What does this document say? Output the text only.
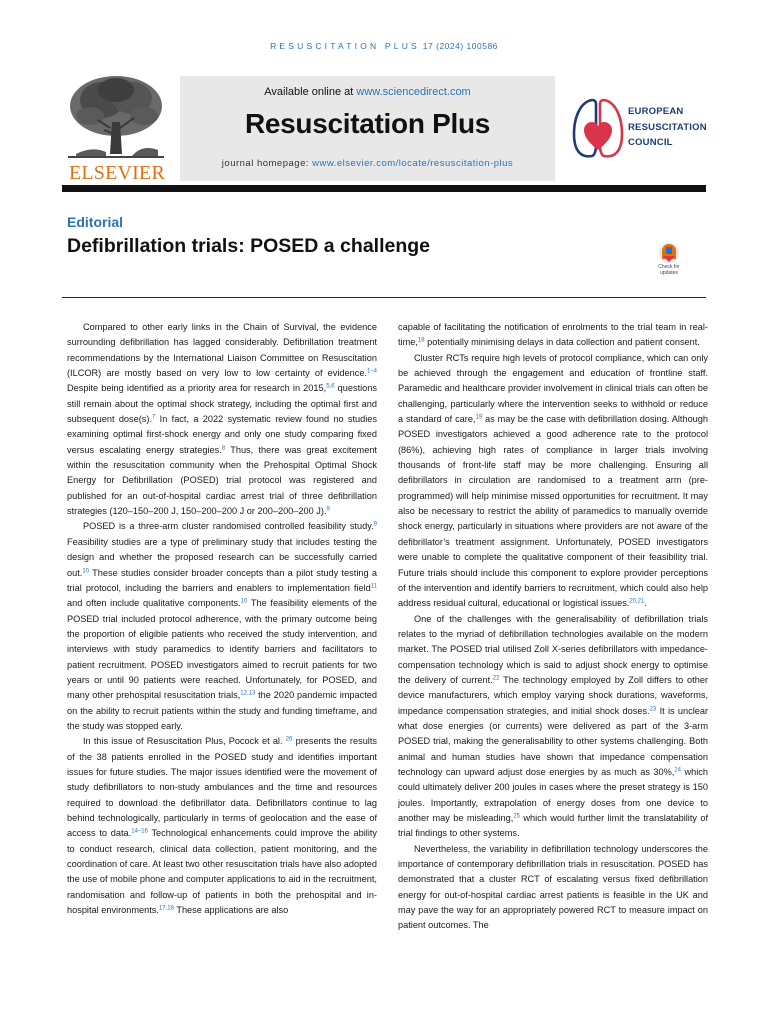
RESUSCITATION PLUS 17 (2024) 100586
ELSEVIER
Available online at www.sciencedirect.com
Resuscitation Plus
journal homepage: www.elsevier.com/locate/resuscitation-plus
EUROPEAN
RESUSCITATION
COUNCIL
Editorial
Defibrillation trials: POSED a challenge
Check for
updates

Compared to other early links in the Chain of Survival, the evidence surrounding defibrillation has lagged considerably. Defibrillation treatment recommendations by the International Liaison Committee on Resuscitation (ILCOR) are mostly based on very low to low certainty of evidence.$^{1-4}$ Despite being identified as a priority area for research in 2015,$^{5,6}$ questions still remain about the optimal shock strategy, including the optimal first and subsequent dose(s).$^7$ In fact, a 2022 systematic review found no studies examining optimal first-shock energy and only one study comparing fixed versus escalating energy strategies.$^8$ Thus, there was great excitement within the resuscitation community when the Prehospital Optimal Shock Energy for Defibrillation (POSED) trial protocol was registered and published for an out-of-hospital cardiac arrest trial of three defibrillation strategies (120–150–200 J, 150–200–200 J or 200–200–200 J).$^9$

POSED is a three-arm cluster randomised controlled feasibility study.$^9$ Feasibility studies are a type of preliminary study that includes testing the design and whether the proposed research can be successfully carried out.$^{10}$ These studies consider broader concepts than a pilot study testing a trial protocol, including the barriers and enablers to implementation field$^{11}$ and often include qualitative components.$^{10}$ The feasibility elements of the POSED trial included protocol adherence, with the primary outcome being the proportion of eligible patients who received the study intervention, and interviews with study paramedics to identify barriers and facilitators to patient recruitment. POSED investigators aimed to recruit patients for two years or until 90 patients were reached. Unfortunately, for POSED, and many other prehospital resuscitation trials,$^{12,13}$ the 2020 pandemic impacted on the ability to recruit patients within the study and funding timeframe, and the study was stopped early.

In this issue of Resuscitation Plus, Pocock et al. $^{26}$ presents the results of the 38 patients enrolled in the POSED study and identifies important issues for future studies. The major issues identified were the movement of study defibrillators to non-study ambulances and the time and resources required to download the defibrillator data. Defibrillators continue to lag behind technologically, particularly in terms of geolocation and the ease of access to data.$^{14-16}$ Technological enhancements could improve the ability to conduct research, clinical data collection, patient monitoring, and the coordination of care. At least two other resuscitation trials have also adopted the use of mobile phone and computer applications to aid in the recruitment, randomisation and follow-up of patients in both the prehospital and in-hospital environments.$^{17,18}$ These applications are also

capable of facilitating the notification of enrolments to the trial team in real-time,$^{18}$ potentially minimising delays in data collection and patient consent.

Cluster RCTs require high levels of protocol compliance, which can only be achieved through the engagement and education of frontline staff. Paramedic and healthcare provider involvement in clinical trials can often be challenging, particularly where the intervention seeks to withhold or reduce a standard of care,$^{19}$ as may be the case with defibrillation dosing. Although POSED investigators achieved a good adherence rate to the protocol (86%), achieving high rates of compliance in larger trials involving thousands of front-life staff may be more challenging. Ensuring all defibrillators in circulation are randomised to a treatment arm (pre-programmed) will help minimise missed opportunities for recruitment. It may also be necessary to restrict the ability of paramedics to manually override shock energy, particularly in situations where providers are not aware of the defibrillator’s treatment assignment. Unfortunately, POSED investigators were unable to complete the qualitative component of their feasibility trial. Future trials should include this component to explore provider perceptions of the intervention and identify barriers to recruitment, which could also help address residual cultural, educational or logistical issues.$^{20,21}$.

One of the challenges with the generalisability of defibrillation trials relates to the myriad of defibrillation technologies available on the modern market. The POSED trial utilised Zoll X-series defibrillators with impedance-compensation technology which is said to adjust shock energy to optimise the delivery of current.$^{22}$ The technology employed by Zoll differs to other device manufacturers, which employ varying shock durations, waveforms, impedance compensation strategies, and initial shock doses.$^{23}$ It is unclear what dose energies (or currents) were delivered as part of the 3-arm POSED trial, making the generalisability to other systems challenging. Both animal and human studies have shown that impedance compensation technology can upward adjust dose energies by as much as 30%,$^{24}$ which could ultimately deliver 200 joules in cases where the preset strategy is 150 joules. Importantly, extrapolation of energy doses from one device to another may be misleading,$^{25}$ which would further limit the translatability of trial findings to other systems.

Nevertheless, the variability in defibrillation technology underscores the importance of contemporary defibrillation trials in resuscitation. POSED has demonstrated that a cluster RCT of escalating versus fixed defibrillation energy for out-of-hospital cardiac arrest patients is feasible in the UK and may pave the way for an appropriately powered RCT to measure impact on patient outcomes. The
